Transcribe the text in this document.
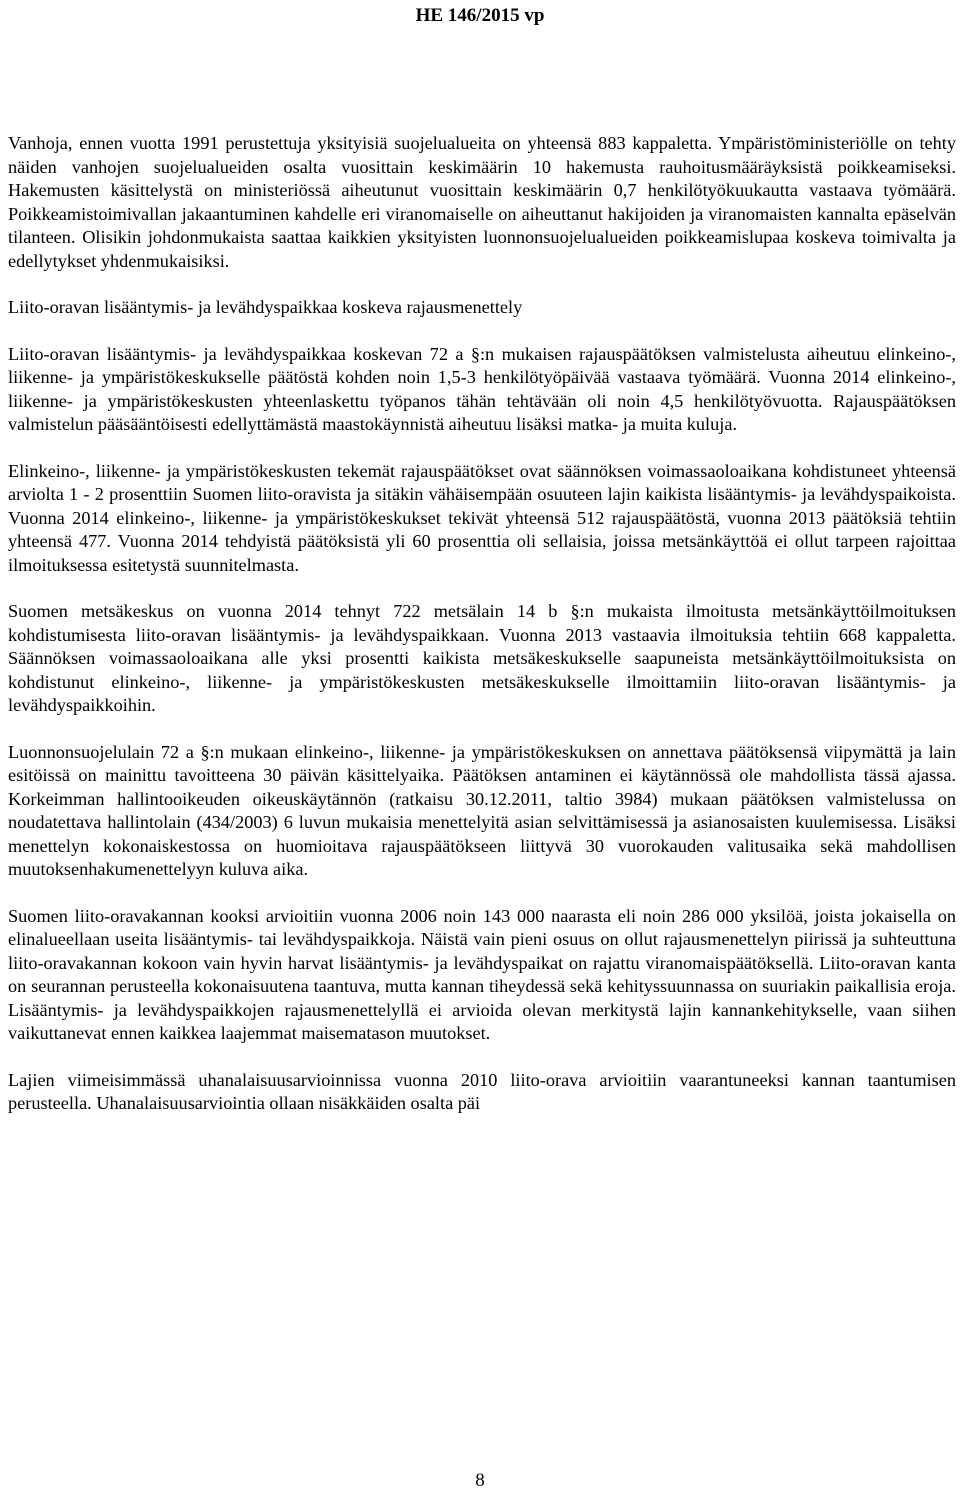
HE 146/2015 vp

Vanhoja, ennen vuotta 1991 perustettuja yksityisiä suojelualueita on yhteensä 883 kappaletta. Ympäristöministeriölle on tehty näiden vanhojen suojelualueiden osalta vuosittain keskimäärin 10 hakemusta rauhoitusmääräyksistä poikkeamiseksi. Hakemusten käsittelystä on ministeriössä aiheutunut vuosittain keskimäärin 0,7 henkilötyökuukautta vastaava työmäärä. Poikkeamistoimivallan jakaantuminen kahdelle eri viranomaiselle on aiheuttanut hakijoiden ja viranomaisten kannalta epäselvän tilanteen. Olisikin johdonmukaista saattaa kaikkien yksityisten luonnonsuojelualueiden poikkeamislupaa koskeva toimivalta ja edellytykset yhdenmukaisiksi.

Liito-oravan lisääntymis- ja levähdyspaikkaa koskeva rajausmenettely

Liito-oravan lisääntymis- ja levähdyspaikkaa koskevan 72 a §:n mukaisen rajauspäätöksen valmistelusta aiheutuu elinkeino-, liikenne- ja ympäristökeskukselle päätöstä kohden noin 1,5-3 henkilötyöpäivää vastaava työmäärä. Vuonna 2014 elinkeino-, liikenne- ja ympäristökeskusten yhteenlaskettu työpanos tähän tehtävään oli noin 4,5 henkilötyövuotta. Rajauspäätöksen valmistelun pääsääntöisesti edellyttämästä maastokäynnistä aiheutuu lisäksi matka- ja muita kuluja.

Elinkeino-, liikenne- ja ympäristökeskusten tekemät rajauspäätökset ovat säännöksen voimassaoloaikana kohdistuneet yhteensä arviolta 1 - 2 prosenttiin Suomen liito-oravista ja sitäkin vähäisempään osuuteen lajin kaikista lisääntymis- ja levähdyspaikoista. Vuonna 2014 elinkeino-, liikenne- ja ympäristökeskukset tekivät yhteensä 512 rajauspäätöstä, vuonna 2013 päätöksiä tehtiin yhteensä 477. Vuonna 2014 tehdyistä päätöksistä yli 60 prosenttia oli sellaisia, joissa metsänkäyttöä ei ollut tarpeen rajoittaa ilmoituksessa esitetystä suunnitelmasta.

Suomen metsäkeskus on vuonna 2014 tehnyt 722 metsälain 14 b §:n mukaista ilmoitusta metsänkäyttöilmoituksen kohdistumisesta liito-oravan lisääntymis- ja levähdyspaikkaan. Vuonna 2013 vastaavia ilmoituksia tehtiin 668 kappaletta. Säännöksen voimassaoloaikana alle yksi prosentti kaikista metsäkeskukselle saapuneista metsänkäyttöilmoituksista on kohdistunut elinkeino-, liikenne- ja ympäristökeskusten metsäkeskukselle ilmoittamiin liito-oravan lisääntymis- ja levähdyspaikkoihin.

Luonnonsuojelulain 72 a §:n mukaan elinkeino-, liikenne- ja ympäristökeskuksen on annettava päätöksensä viipymättä ja lain esitöissä on mainittu tavoitteena 30 päivän käsittelyaika. Päätöksen antaminen ei käytännössä ole mahdollista tässä ajassa. Korkeimman hallintooikeuden oikeuskäytännön (ratkaisu 30.12.2011, taltio 3984) mukaan päätöksen valmistelussa on noudatettava hallintolain (434/2003) 6 luvun mukaisia menettelyitä asian selvittämisessä ja asianosaisten kuulemisessa. Lisäksi menettelyn kokonaiskestossa on huomioitava rajauspäätökseen liittyvä 30 vuorokauden valitusaika sekä mahdollisen muutoksenhakumenettelyyn kuluva aika.

Suomen liito-oravakannan kooksi arvioitiin vuonna 2006 noin 143 000 naarasta eli noin 286 000 yksilöä, joista jokaisella on elinalueellaan useita lisääntymis- tai levähdyspaikkoja. Näistä vain pieni osuus on ollut rajausmenettelyn piirissä ja suhteuttuna liito-oravakannan kokoon vain hyvin harvat lisääntymis- ja levähdyspaikat on rajattu viranomaispäätöksellä. Liito-oravan kanta on seurannan perusteella kokonaisuutena taantuva, mutta kannan tiheydessä sekä kehityssuunnassa on suuriakin paikallisia eroja. Lisääntymis- ja levähdyspaikkojen rajausmenettelyllä ei arvioida olevan merkitystä lajin kannankehitykselle, vaan siihen vaikuttanevat ennen kaikkea laajemmat maisematason muutokset.

Lajien viimeisimmässä uhanalaisuusarvioinnissa vuonna 2010 liito-orava arvioitiin vaarantuneeksi kannan taantumisen perusteella. Uhanalaisuusarviointia ollaan nisäkkäiden osalta päi

8
